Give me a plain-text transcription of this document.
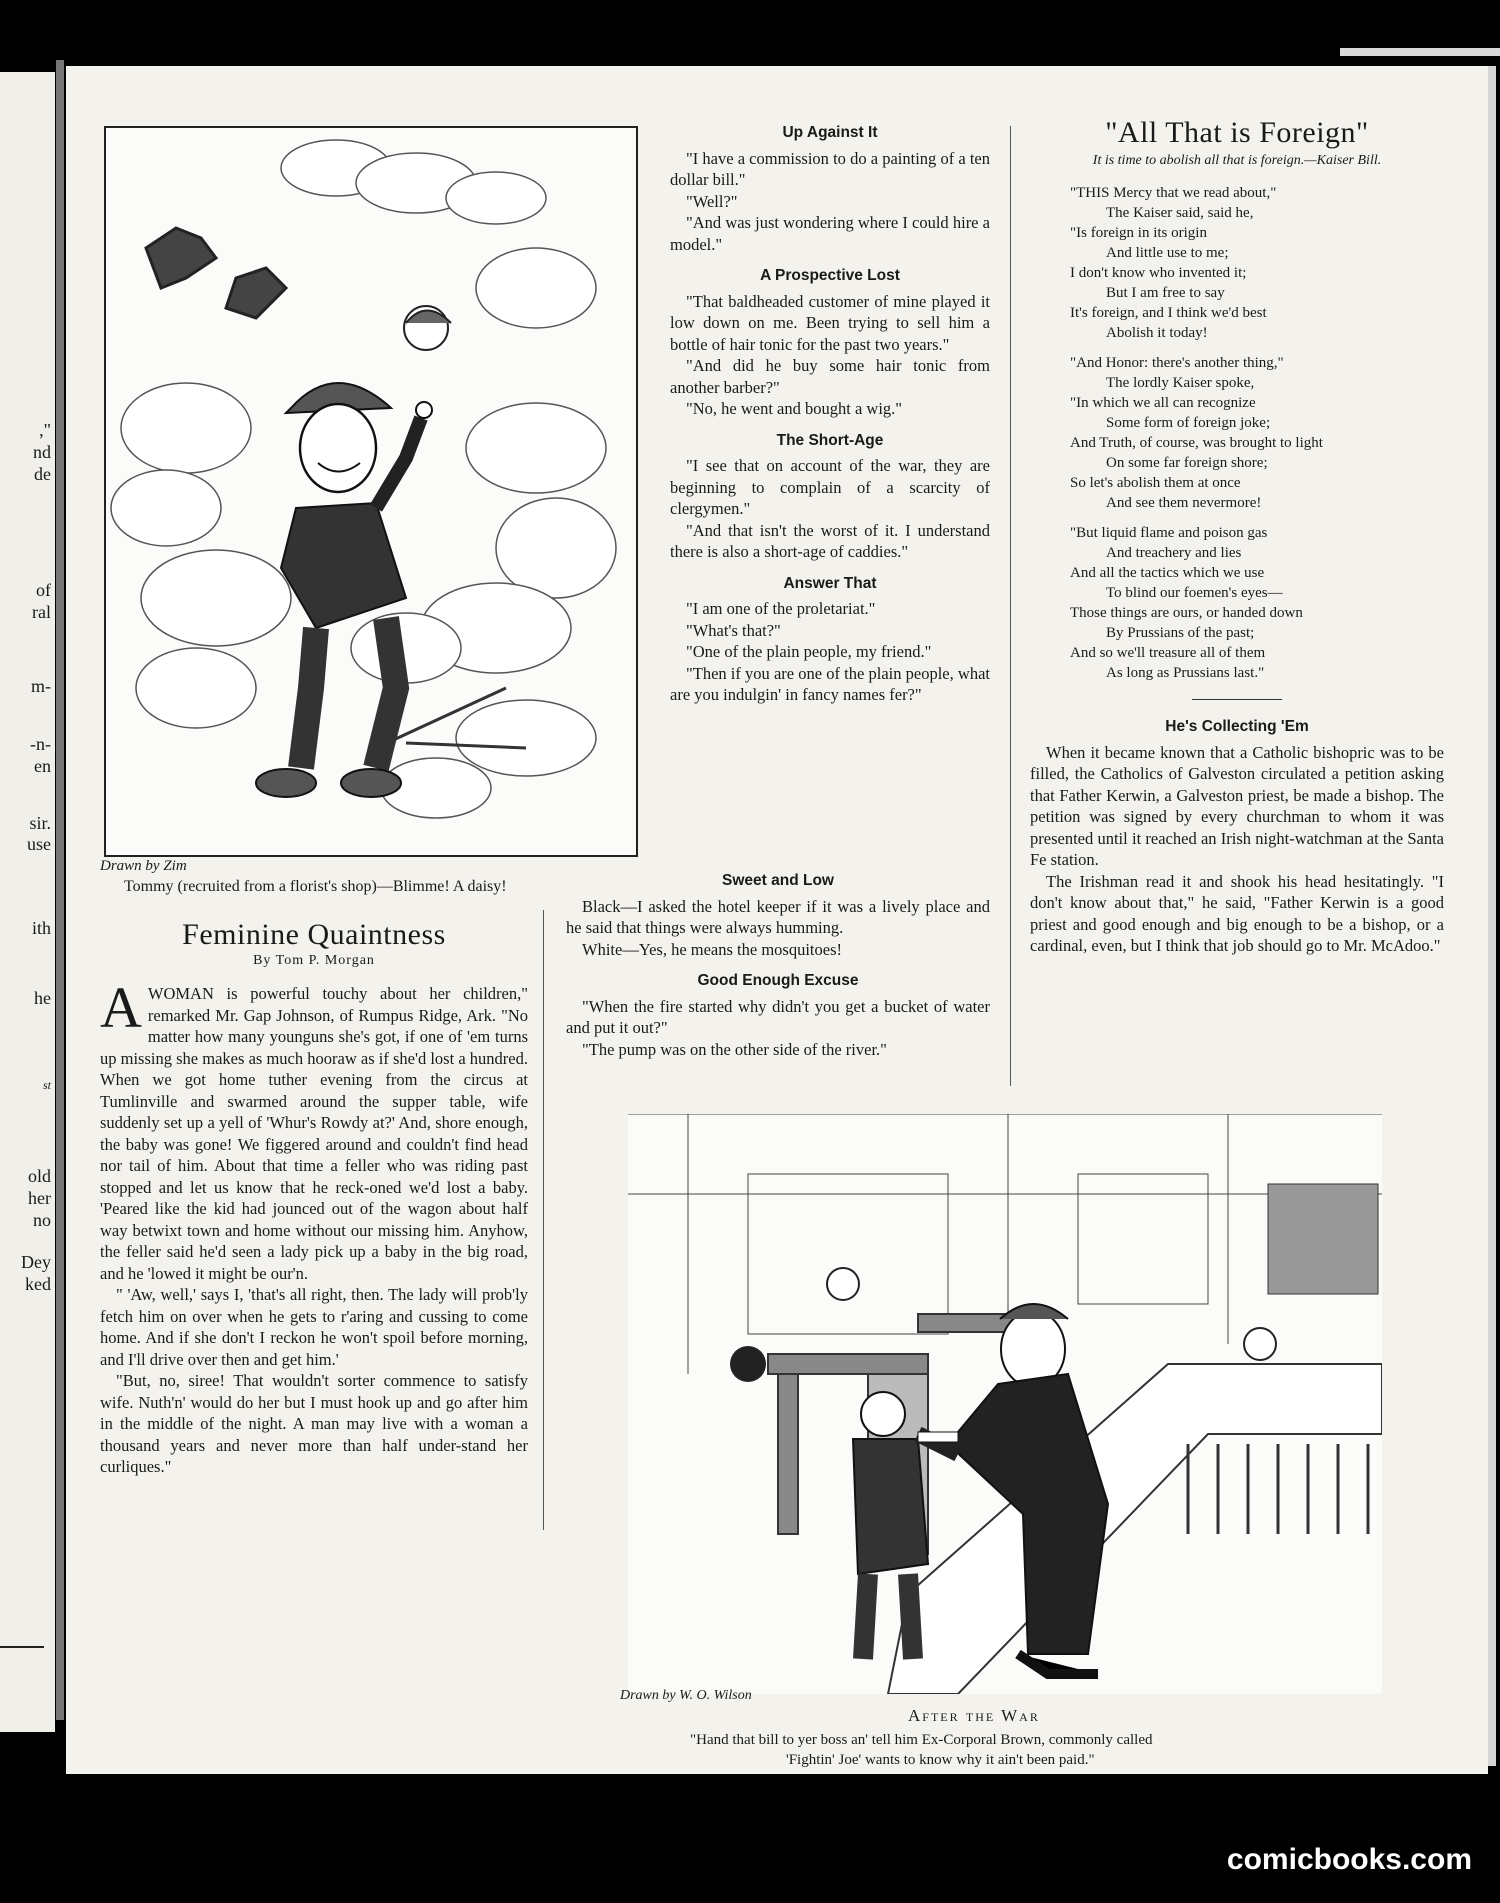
,"
nd
de
of
ral
m-
-n-
en
sir.
use
ith
he
st
old
her
no
Dey
ked
Drawn by Zim
Tommy (recruited from a florist's shop)—Blimme! A daisy!
Feminine Quaintness
By Tom P. Morgan

AWOMAN is powerful touchy about her children," remarked Mr. Gap Johnson, of Rumpus Ridge, Ark. "No matter how many younguns she's got, if one of 'em turns up missing she makes as much hooraw as if she'd lost a hundred. When we got home tuther evening from the circus at Tumlinville and swarmed around the supper table, wife suddenly set up a yell of 'Whur's Rowdy at?' And, shore enough, the baby was gone! We figgered around and couldn't find head nor tail of him. About that time a feller who was riding past stopped and let us know that he reck-oned we'd lost a baby. 'Peared like the kid had jounced out of the wagon about half way betwixt town and home without our missing him. Anyhow, the feller said he'd seen a lady pick up a baby in the big road, and he 'lowed it might be our'n.

" 'Aw, well,' says I, 'that's all right, then. The lady will prob'ly fetch him on over when he gets to r'aring and cussing to come home. And if she don't I reckon he won't spoil before morning, and I'll drive over then and get him.'

"But, no, siree! That wouldn't sorter commence to satisfy wife. Nuth'n' would do her but I must hook up and go after him in the middle of the night. A man may live with a woman a thousand years and never more than half under-stand her curliques."

Up Against It

"I have a commission to do a painting of a ten dollar bill."

"Well?"

"And was just wondering where I could hire a model."

A Prospective Lost

"That baldheaded customer of mine played it low down on me. Been trying to sell him a bottle of hair tonic for the past two years."

"And did he buy some hair tonic from another barber?"

"No, he went and bought a wig."

The Short-Age

"I see that on account of the war, they are beginning to complain of a scarcity of clergymen."

"And that isn't the worst of it. I understand there is also a short-age of caddies."

Answer That

"I am one of the proletariat."

"What's that?"

"One of the plain people, my friend."

"Then if you are one of the plain people, what are you indulgin' in fancy names fer?"

Sweet and Low

Black—I asked the hotel keeper if it was a lively place and he said that things were always humming.

White—Yes, he means the mosquitoes!

Good Enough Excuse

"When the fire started why didn't you get a bucket of water and put it out?"

"The pump was on the other side of the river."

"All That is Foreign"
It is time to abolish all that is foreign.—Kaiser Bill.
"THIS Mercy that we read about,"
The Kaiser said, said he,
"Is foreign in its origin
And little use to me;
I don't know who invented it;
But I am free to say
It's foreign, and I think we'd best
Abolish it today!
"And Honor: there's another thing,"
The lordly Kaiser spoke,
"In which we all can recognize
Some form of foreign joke;
And Truth, of course, was brought to light
On some far foreign shore;
So let's abolish them at once
And see them nevermore!
"But liquid flame and poison gas
And treachery and lies
And all the tactics which we use
To blind our foemen's eyes—
Those things are ours, or handed down
By Prussians of the past;
And so we'll treasure all of them
As long as Prussians last."
He's Collecting 'Em

When it became known that a Catholic bishopric was to be filled, the Catholics of Galveston circulated a petition asking that Father Kerwin, a Galveston priest, be made a bishop. The petition was signed by every churchman to whom it was presented until it reached an Irish night-watchman at the Santa Fe station.

The Irishman read it and shook his head hesitatingly. "I don't know about that," he said, "Father Kerwin is a good priest and good enough and big enough to be a bishop, or a cardinal, even, but I think that job should go to Mr. McAdoo."

Drawn by W. O. Wilson
After the War
"Hand that bill to yer boss an' tell him Ex-Corporal Brown, commonly called
'Fightin' Joe' wants to know why it ain't been paid."
comicbooks.com
